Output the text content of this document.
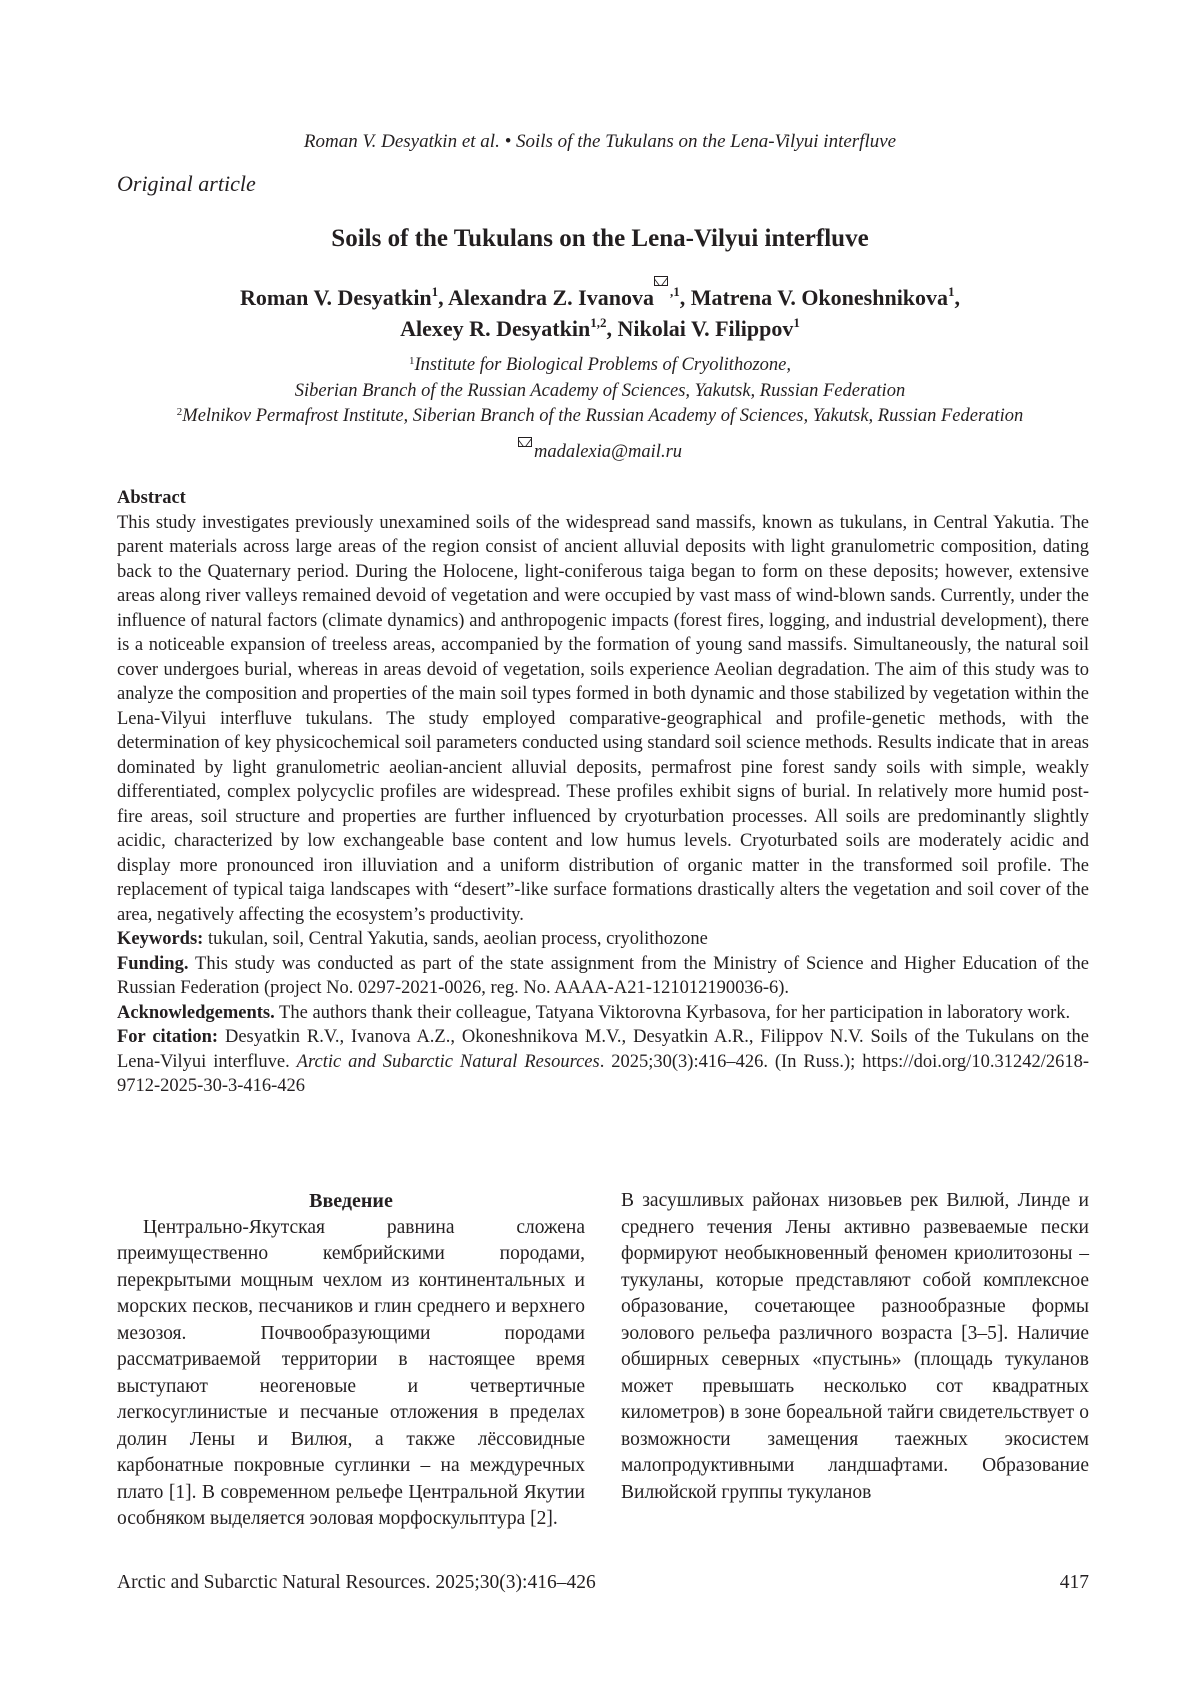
Roman V. Desyatkin et al. • Soils of the Tukulans on the Lena-Vilyui interfluve
Original article
Soils of the Tukulans on the Lena-Vilyui interfluve
Roman V. Desyatkin$^1$, Alexandra Z. Ivanova $^{,1}$, Matrena V. Okoneshnikova$^1$,
Alexey R. Desyatkin$^{1,2}$, Nikolai V. Filippov$^1$
$^1$Institute for Biological Problems of Cryolithozone,
Siberian Branch of the Russian Academy of Sciences, Yakutsk, Russian Federation
$^2$Melnikov Permafrost Institute, Siberian Branch of the Russian Academy of Sciences, Yakutsk, Russian Federation
madalexia@mail.ru
Abstract

This study investigates previously unexamined soils of the widespread sand massifs, known as tukulans, in Central Yakutia. The parent materials across large areas of the region consist of ancient alluvial deposits with light granulometric composition, dating back to the Quaternary period. During the Holocene, light-coniferous taiga began to form on these deposits; however, extensive areas along river valleys remained devoid of vegetation and were occupied by vast mass of wind-blown sands. Currently, under the influence of natural factors (climate dynamics) and anthropogenic impacts (forest fires, logging, and industrial development), there is a noticeable expansion of treeless areas, accompanied by the formation of young sand massifs. Simultaneously, the natural soil cover undergoes burial, whereas in areas devoid of vegetation, soils experience Aeolian degradation. The aim of this study was to analyze the composition and properties of the main soil types formed in both dynamic and those stabilized by vegetation within the Lena-Vilyui interfluve tukulans. The study employed comparative-geographical and profile-genetic methods, with the determination of key physicochemical soil parameters conducted using standard soil science methods. Results indicate that in areas dominated by light granulometric aeolian-ancient alluvial deposits, permafrost pine forest sandy soils with simple, weakly differentiated, complex polycyclic profiles are widespread. These profiles exhibit signs of burial. In relatively more humid post-fire areas, soil structure and properties are further influenced by cryoturbation processes. All soils are predominantly slightly acidic, characterized by low exchangeable base content and low humus levels. Cryoturbated soils are moderately acidic and display more pronounced iron illuviation and a uniform distribution of organic matter in the transformed soil profile. The replacement of typical taiga landscapes with “desert”-like surface formations drastically alters the vegetation and soil cover of the area, negatively affecting the ecosystem’s productivity.

Keywords: tukulan, soil, Central Yakutia, sands, aeolian process, cryolithozone

Funding. This study was conducted as part of the state assignment from the Ministry of Science and Higher Education of the Russian Federation (project No. 0297-2021-0026, reg. No. AAAA-A21-121012190036-6).

Acknowledgements. The authors thank their colleague, Tatyana Viktorovna Kyrbasova, for her participation in laboratory work.

For citation: Desyatkin R.V., Ivanova A.Z., Okoneshnikova M.V., Desyatkin A.R., Filippov N.V. Soils of the Tukulans on the Lena-Vilyui interfluve. Arctic and Subarctic Natural Resources. 2025;30(3):416–426. (In Russ.); https://doi.org/10.31242/2618-9712-2025-30-3-416-426

Введение

Центрально-Якутская равнина сложена преимущественно кембрийскими породами, перекрытыми мощным чехлом из континентальных и морских песков, песчаников и глин среднего и верхнего мезозоя. Почвообразующими породами рассматриваемой территории в настоящее время выступают неогеновые и четвертичные легкосуглинистые и песчаные отложения в пределах долин Лены и Вилюя, а также лёссовидные карбонатные покровные суглинки – на междуречных плато [1]. В современном рельефе Центральной Якутии особняком выделяется эоловая морфоскульптура [2].

В засушливых районах низовьев рек Вилюй, Линде и среднего течения Лены активно развеваемые пески формируют необыкновенный феномен криолитозоны – тукуланы, которые представляют собой комплексное образование, сочетающее разнообразные формы эолового рельефа различного возраста [3–5]. Наличие обширных северных «пустынь» (площадь тукуланов может превышать несколько сот квадратных километров) в зоне бореальной тайги свидетельствует о возможности замещения таежных экосистем малопродуктивными ландшафтами. Образование Вилюйской группы тукуланов

Arctic and Subarctic Natural Resources. 2025;30(3):416–426	417
